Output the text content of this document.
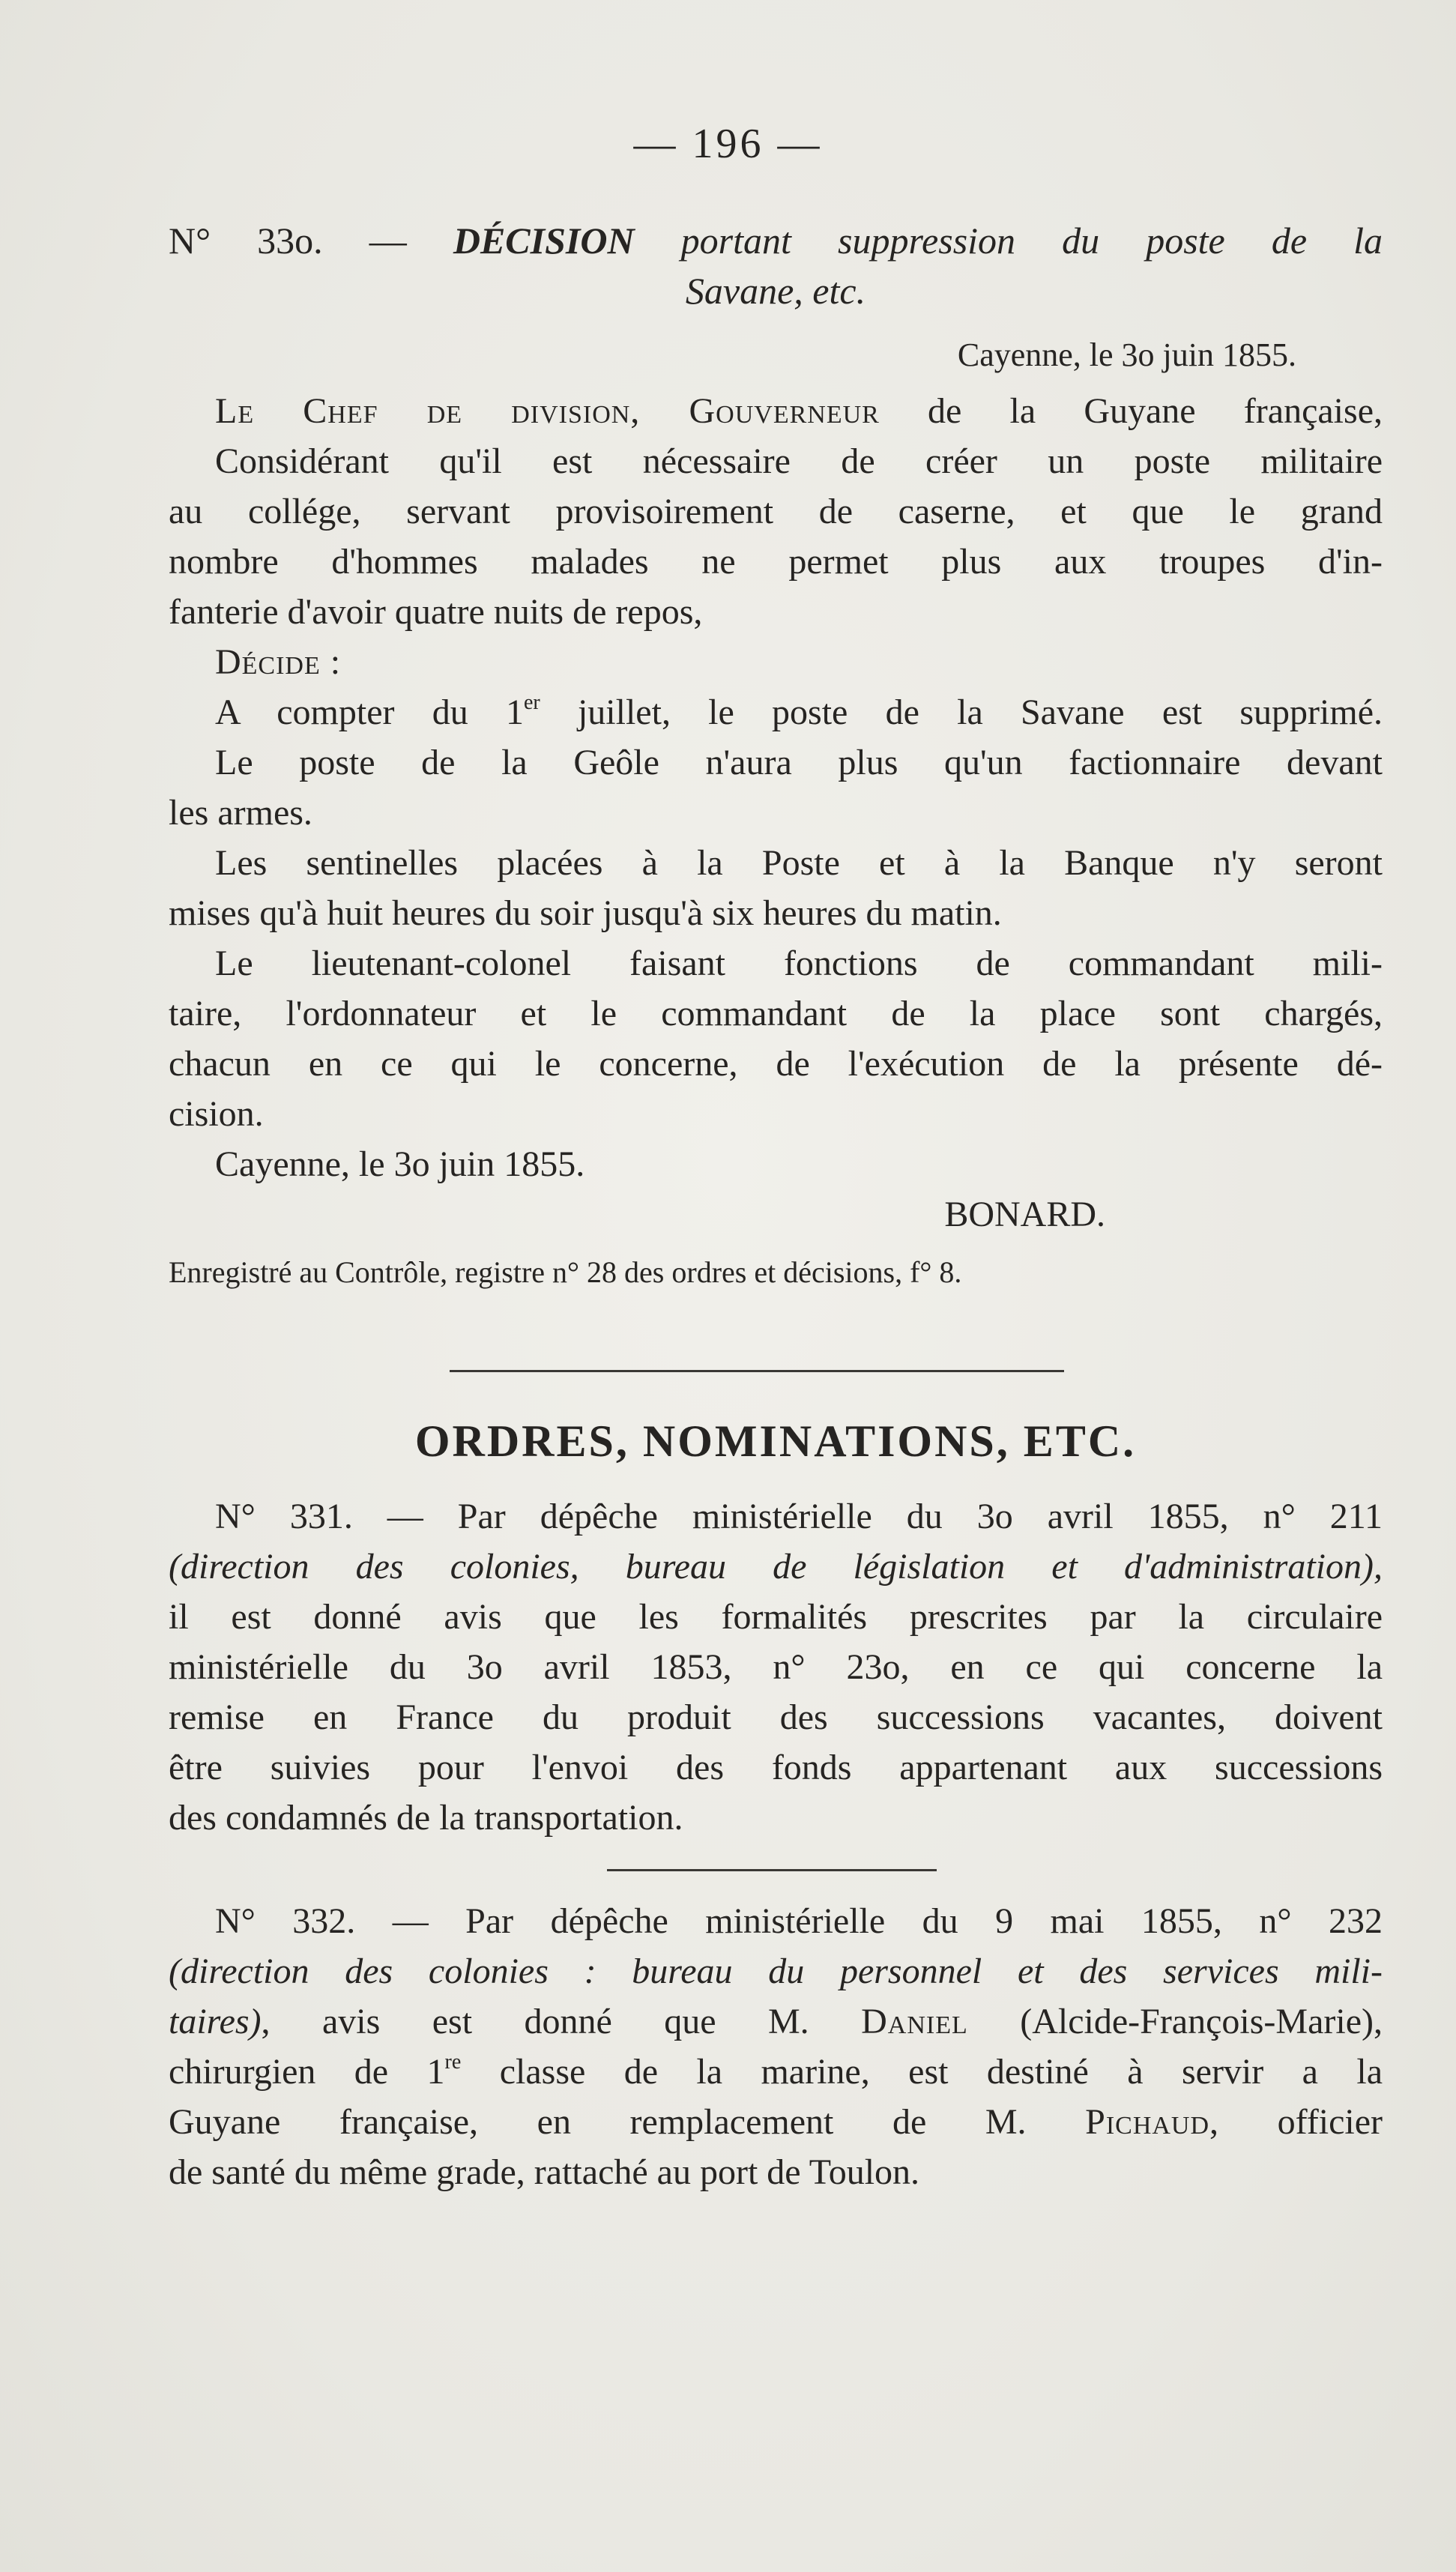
— 196 —
N° 33o. — DÉCISION portant suppression du poste de la
Savane, etc.
Cayenne, le 3o juin 1855.
Le Chef de division, Gouverneur de la Guyane française,
Considérant qu'il est nécessaire de créer un poste militaire
au collége, servant provisoirement de caserne, et que le grand
nombre d'hommes malades ne permet plus aux troupes d'in-
fanterie d'avoir quatre nuits de repos,
Décide :
A compter du 1er juillet, le poste de la Savane est supprimé.
Le poste de la Geôle n'aura plus qu'un factionnaire devant
les armes.
Les sentinelles placées à la Poste et à la Banque n'y seront
mises qu'à huit heures du soir jusqu'à six heures du matin.
Le lieutenant-colonel faisant fonctions de commandant mili-
taire, l'ordonnateur et le commandant de la place sont chargés,
chacun en ce qui le concerne, de l'exécution de la présente dé-
cision.
Cayenne, le 3o juin 1855.
BONARD.
Enregistré au Contrôle, registre n° 28 des ordres et décisions, f° 8.
ORDRES, NOMINATIONS, ETC.
N° 331. — Par dépêche ministérielle du 3o avril 1855, n° 211
(direction des colonies, bureau de législation et d'administration),
il est donné avis que les formalités prescrites par la circulaire
ministérielle du 3o avril 1853, n° 23o, en ce qui concerne la
remise en France du produit des successions vacantes, doivent
être suivies pour l'envoi des fonds appartenant aux successions
des condamnés de la transportation.
N° 332. — Par dépêche ministérielle du 9 mai 1855, n° 232
(direction des colonies : bureau du personnel et des services mili-
taires), avis est donné que M. Daniel (Alcide-François-Marie),
chirurgien de 1re classe de la marine, est destiné à servir a la
Guyane française, en remplacement de M. Pichaud, officier
de santé du même grade, rattaché au port de Toulon.
